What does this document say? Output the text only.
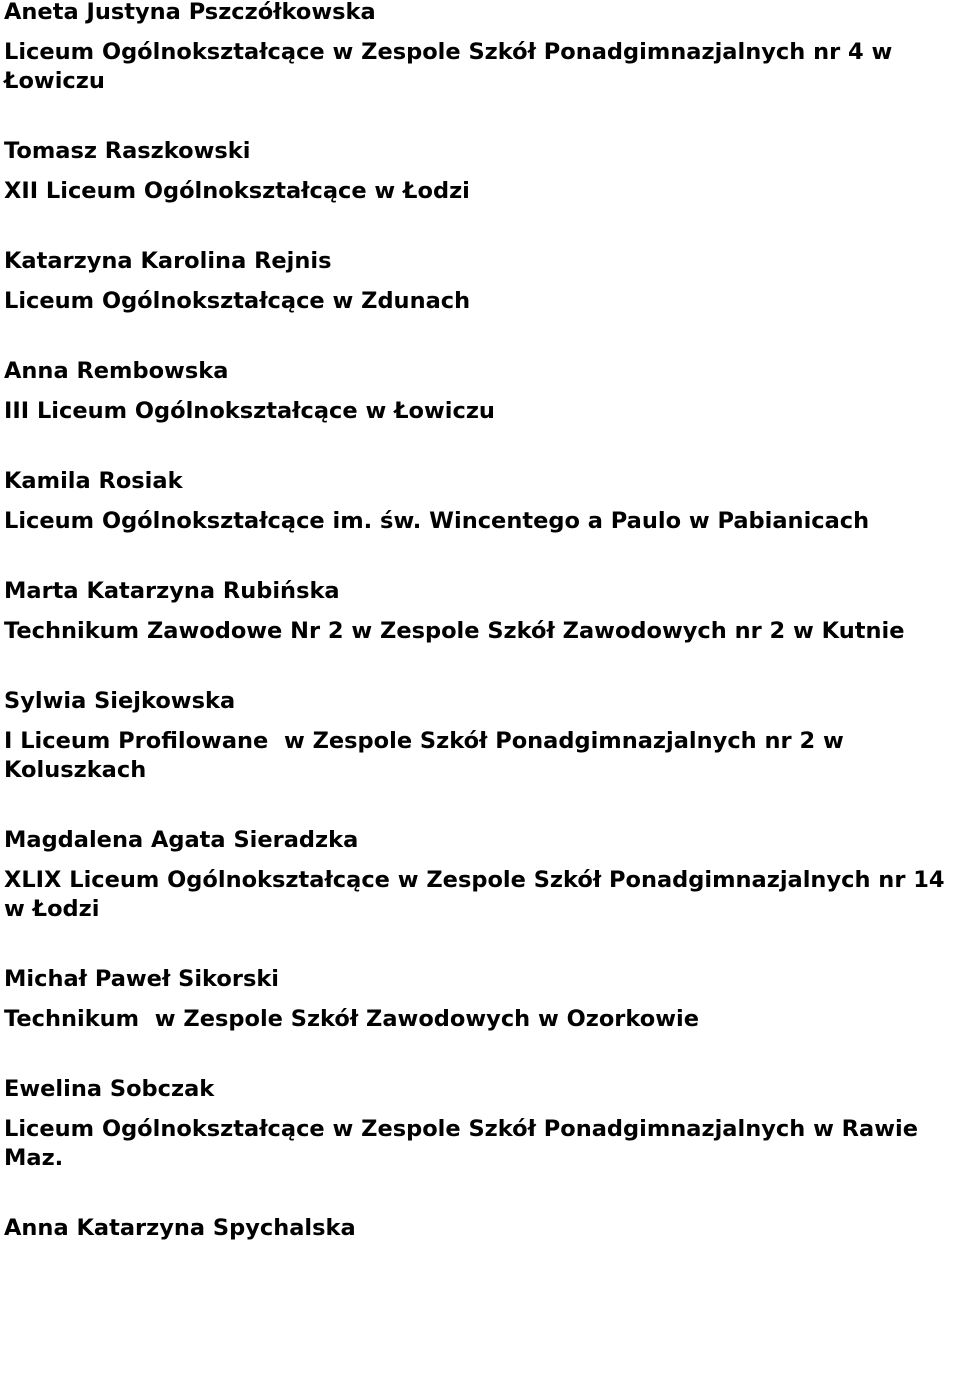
Aneta Justyna Pszczółkowska
Liceum Ogólnokształcące w Zespole Szkół Ponadgimnazjalnych nr 4 w Łowiczu
Tomasz Raszkowski
XII Liceum Ogólnokształcące w Łodzi
Katarzyna Karolina Rejnis
Liceum Ogólnokształcące w Zdunach
Anna Rembowska
III Liceum Ogólnokształcące w Łowiczu
Kamila Rosiak
Liceum Ogólnokształcące im. św. Wincentego a Paulo w Pabianicach
Marta Katarzyna Rubińska
Technikum Zawodowe Nr 2 w Zespole Szkół Zawodowych nr 2 w Kutnie
Sylwia Siejkowska
I Liceum Profilowane  w Zespole Szkół Ponadgimnazjalnych nr 2 w Koluszkach
Magdalena Agata Sieradzka
XLIX Liceum Ogólnokształcące w Zespole Szkół Ponadgimnazjalnych nr 14 w Łodzi
Michał Paweł Sikorski
Technikum  w Zespole Szkół Zawodowych w Ozorkowie
Ewelina Sobczak
Liceum Ogólnokształcące w Zespole Szkół Ponadgimnazjalnych w Rawie Maz.
Anna Katarzyna Spychalska
